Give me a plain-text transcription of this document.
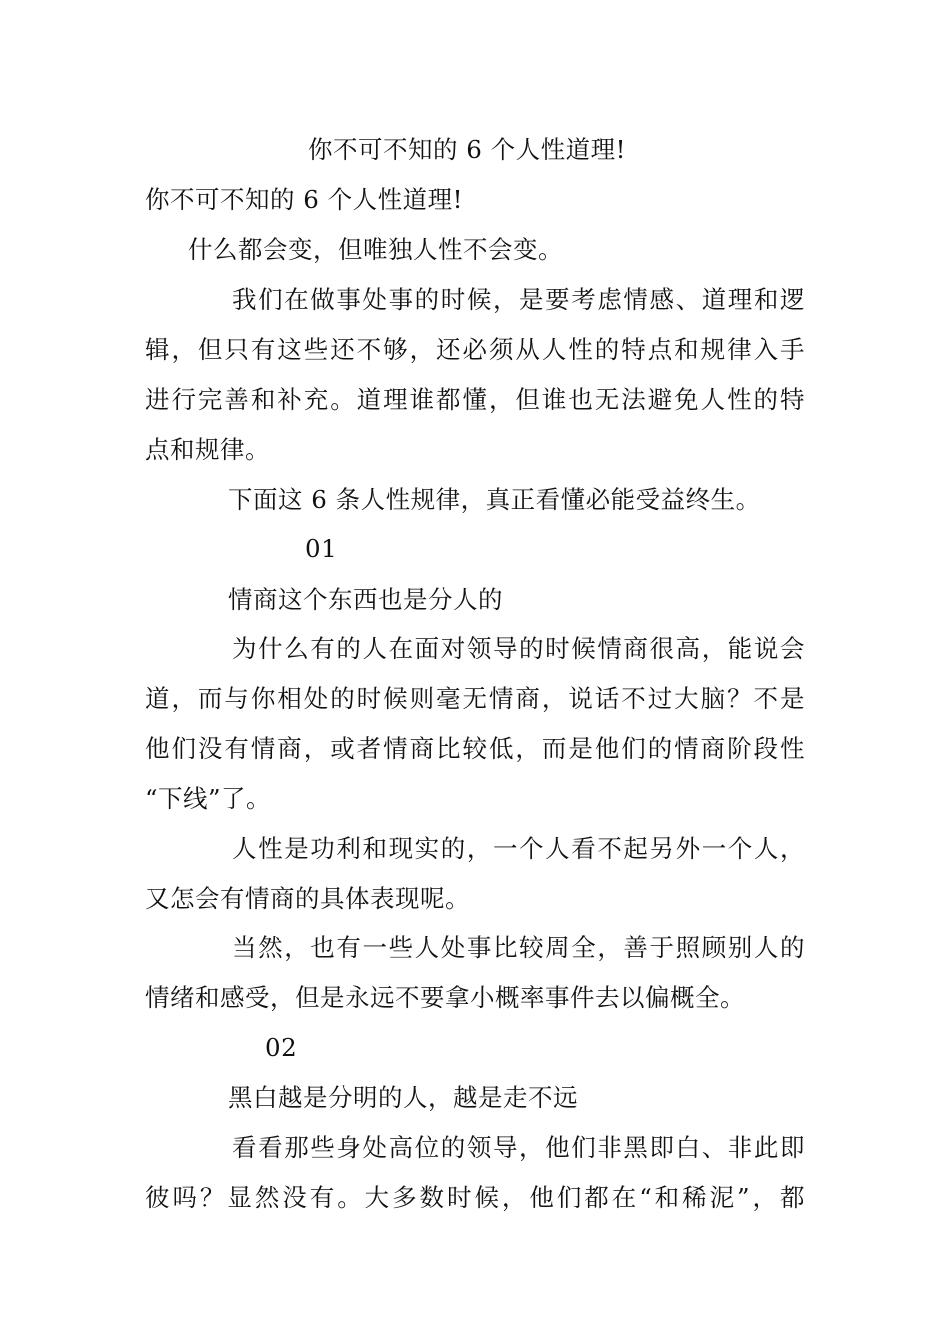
你不可不知的 6 个人性道理!
你不可不知的 6 个人性道理!
什么都会变，但唯独人性不会变。
我们在做事处事的时候，是要考虑情感、道理和逻
辑，但只有这些还不够，还必须从人性的特点和规律入手
进行完善和补充。道理谁都懂，但谁也无法避免人性的特
点和规律。
下面这 6 条人性规律，真正看懂必能受益终生。
01
情商这个东西也是分人的
为什么有的人在面对领导的时候情商很高，能说会
道，而与你相处的时候则毫无情商，说话不过大脑？不是
他们没有情商，或者情商比较低，而是他们的情商阶段性
“下线”了。
人性是功利和现实的，一个人看不起另外一个人，
又怎会有情商的具体表现呢。
当然，也有一些人处事比较周全，善于照顾别人的
情绪和感受，但是永远不要拿小概率事件去以偏概全。
02
黑白越是分明的人，越是走不远
看看那些身处高位的领导，他们非黑即白、非此即
彼吗？显然没有。大多数时候，他们都在“和稀泥”，都
